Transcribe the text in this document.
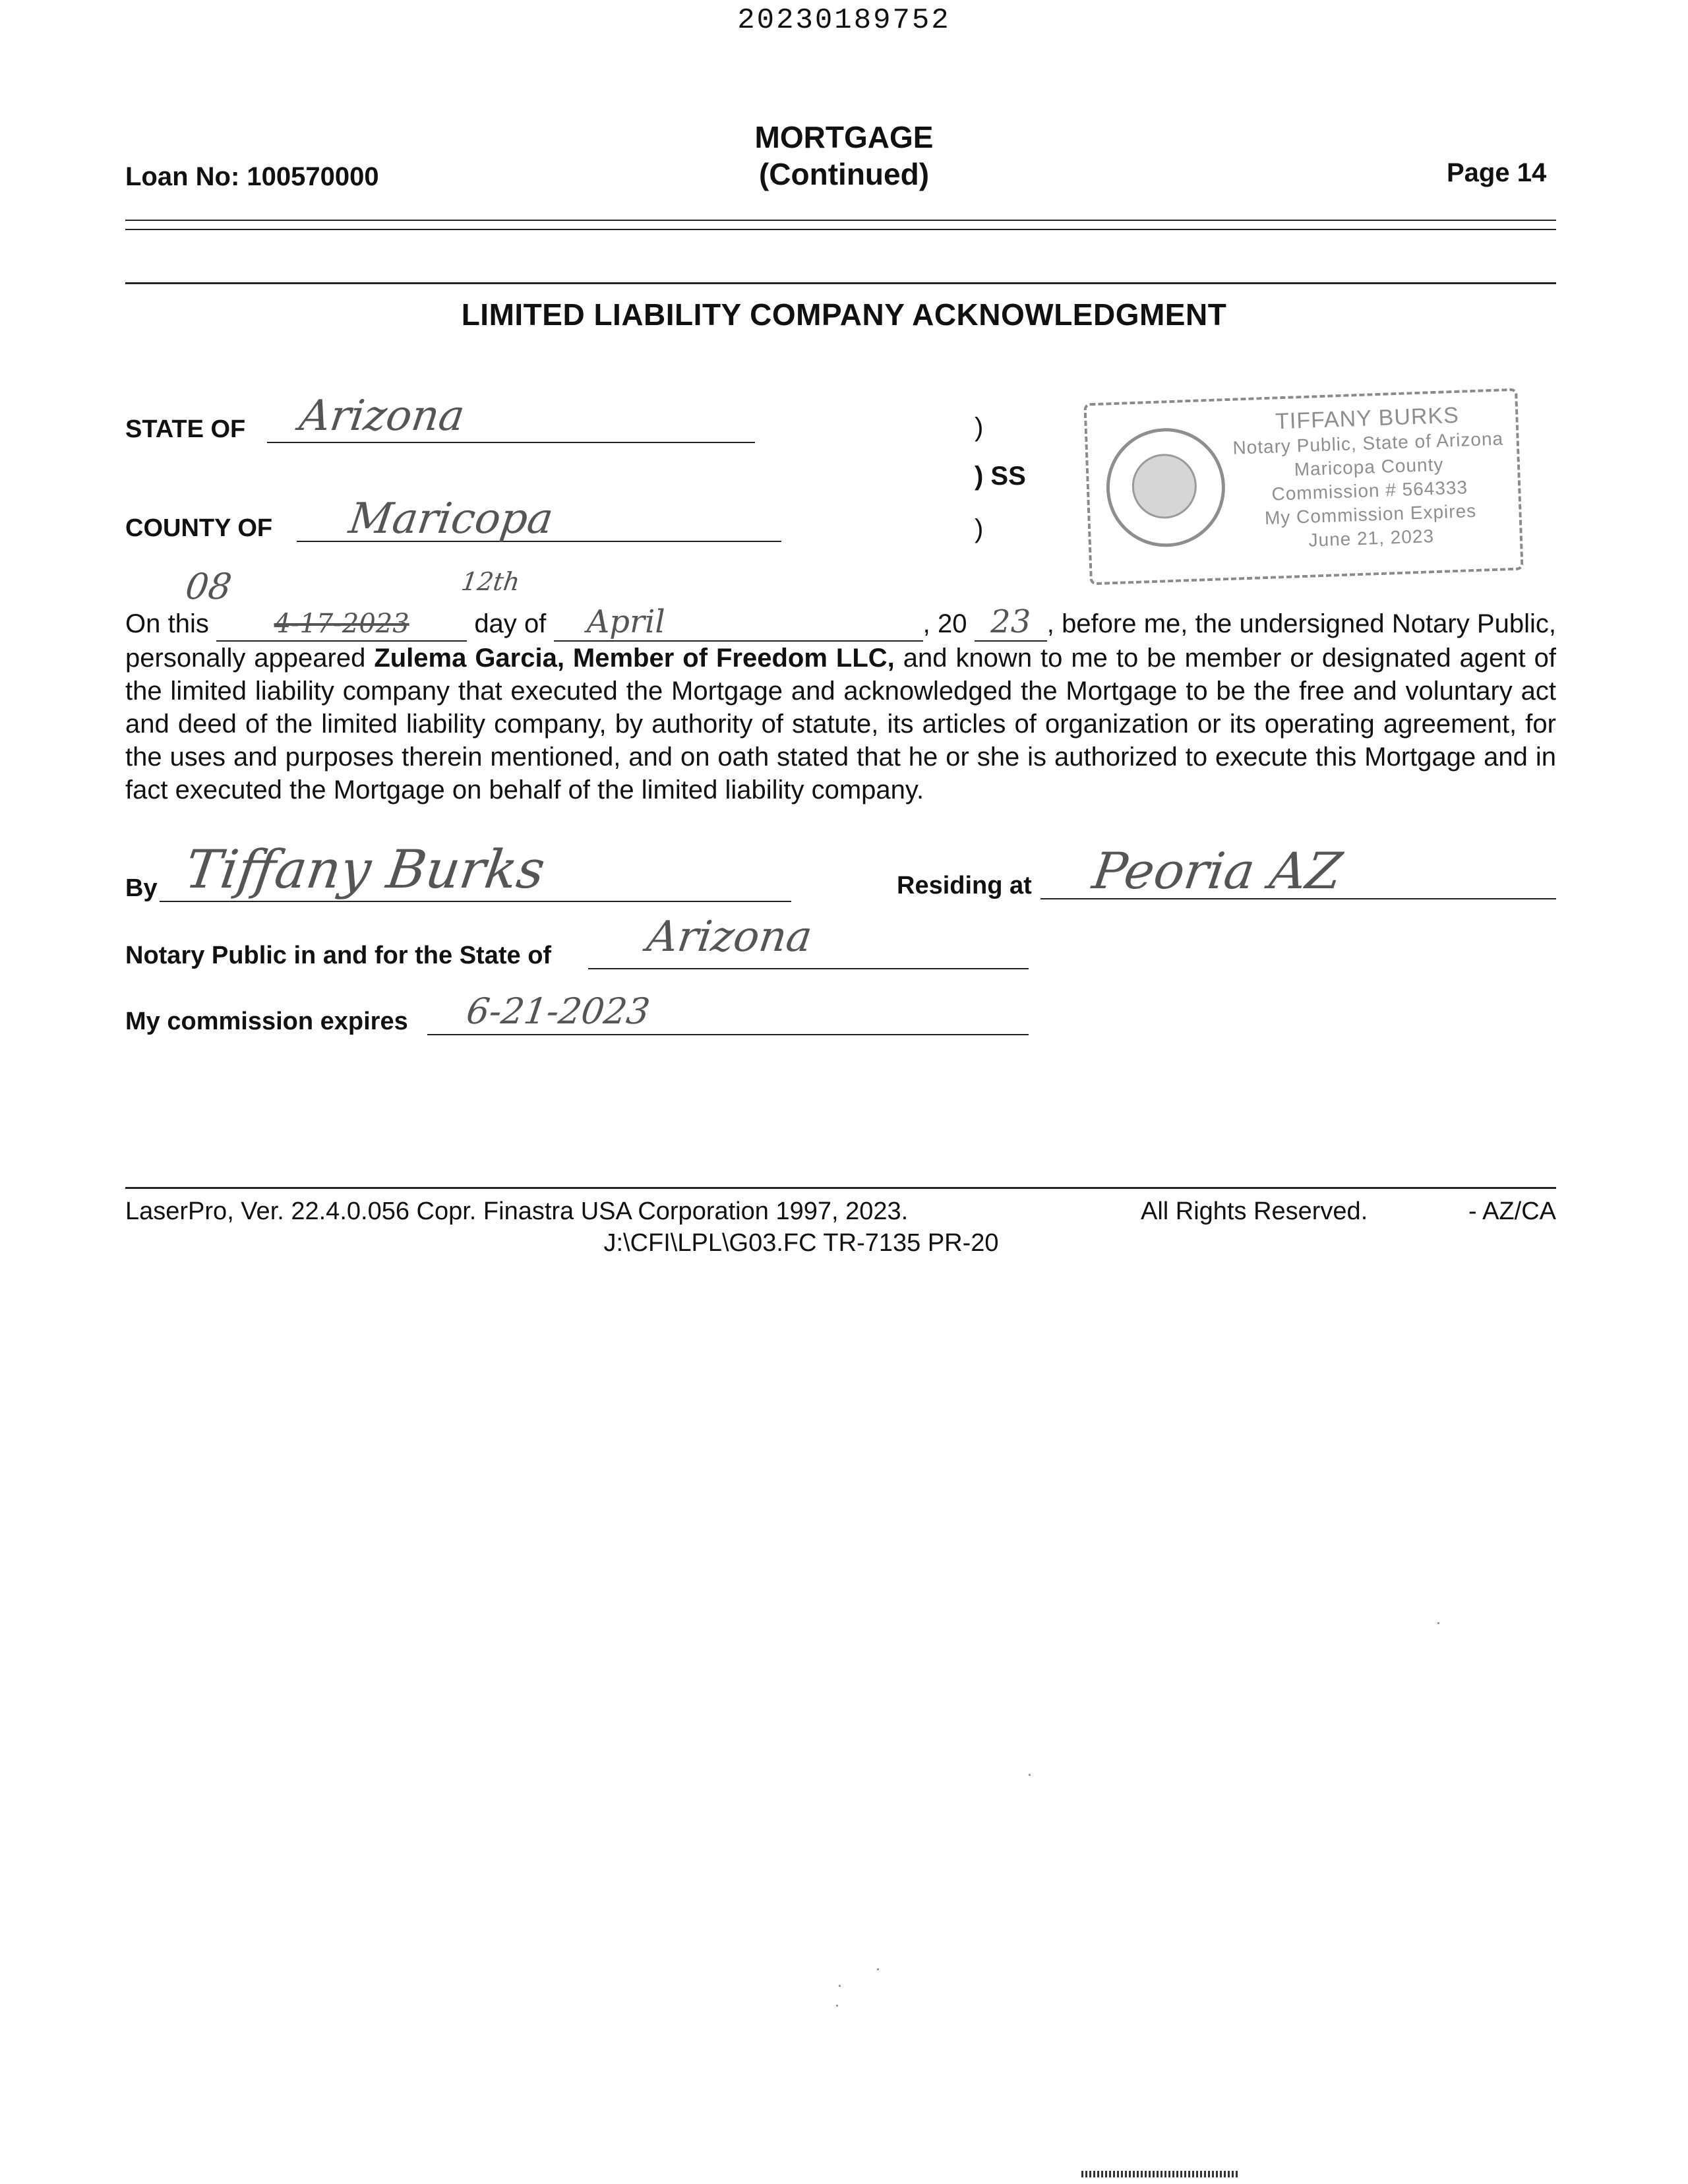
20230189752
MORTGAGE
(Continued)
Loan No: 100570000	Page 14
LIMITED LIABILITY COMPANY ACKNOWLEDGMENT
STATE OF Arizona
COUNTY OF Maricopa
)
) SS
)
TIFFANY BURKS
Notary Public, State of Arizona
Maricopa County
Commission # 564333
My Commission Expires
June 21, 2023
08	12th
On this 4-17-2023 day of April	, 20 23 , before me, the undersigned Notary Public, personally appeared Zulema Garcia, Member of Freedom LLC, and known to me to be member or designated agent of the limited liability company that executed the Mortgage and acknowledged the Mortgage to be the free and voluntary act and deed of the limited liability company, by authority of statute, its articles of organization or its operating agreement, for the uses and purposes therein mentioned, and on oath stated that he or she is authorized to execute this Mortgage and in fact executed the Mortgage on behalf of the limited liability company.
By Tiffany Burks	Residing at Peoria AZ
Notary Public in and for the State of Arizona
My commission expires 6-21-2023
LaserPro, Ver. 22.4.0.056 Copr. Finastra USA Corporation 1997, 2023.	All Rights Reserved.	- AZ/CA
J:\CFI\LPL\G03.FC TR-7135 PR-20
